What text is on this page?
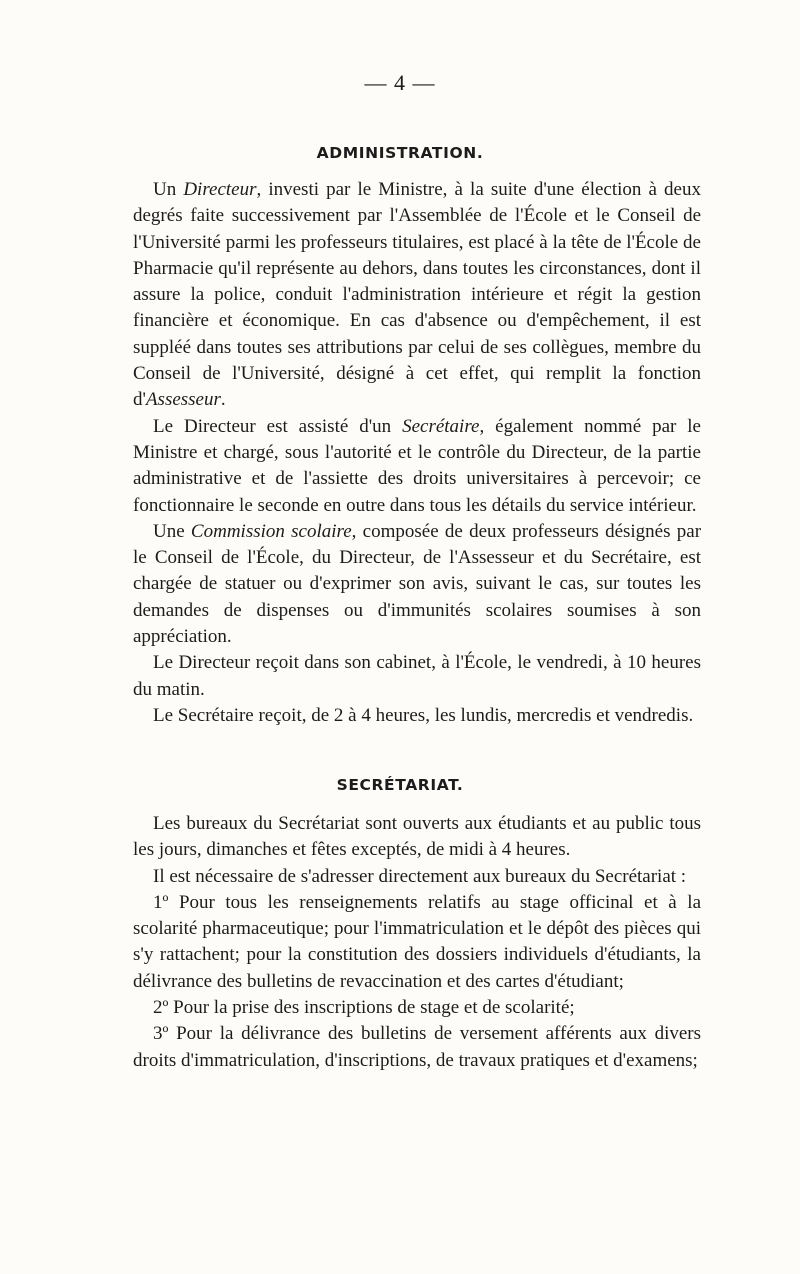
— 4 —
ADMINISTRATION.

Un Directeur, investi par le Ministre, à la suite d'une élection à deux degrés faite successivement par l'Assemblée de l'École et le Conseil de l'Université parmi les professeurs titulaires, est placé à la tête de l'École de Pharmacie qu'il représente au dehors, dans toutes les circonstances, dont il assure la police, conduit l'administration intérieure et régit la gestion financière et économique. En cas d'absence ou d'empêchement, il est suppléé dans toutes ses attributions par celui de ses collègues, membre du Conseil de l'Université, désigné à cet effet, qui remplit la fonction d'Assesseur.

Le Directeur est assisté d'un Secrétaire, également nommé par le Ministre et chargé, sous l'autorité et le contrôle du Directeur, de la partie administrative et de l'assiette des droits universitaires à percevoir; ce fonctionnaire le seconde en outre dans tous les détails du service intérieur.

Une Commission scolaire, composée de deux professeurs désignés par le Conseil de l'École, du Directeur, de l'Assesseur et du Secrétaire, est chargée de statuer ou d'exprimer son avis, suivant le cas, sur toutes les demandes de dispenses ou d'immunités scolaires soumises à son appréciation.

Le Directeur reçoit dans son cabinet, à l'École, le vendredi, à 10 heures du matin.

Le Secrétaire reçoit, de 2 à 4 heures, les lundis, mercredis et vendredis.

SECRÉTARIAT.

Les bureaux du Secrétariat sont ouverts aux étudiants et au public tous les jours, dimanches et fêtes exceptés, de midi à 4 heures.

Il est nécessaire de s'adresser directement aux bureaux du Secrétariat :

1º Pour tous les renseignements relatifs au stage officinal et à la scolarité pharmaceutique; pour l'immatriculation et le dépôt des pièces qui s'y rattachent; pour la constitution des dossiers individuels d'étudiants, la délivrance des bulletins de revaccination et des cartes d'étudiant;

2º Pour la prise des inscriptions de stage et de scolarité;

3º Pour la délivrance des bulletins de versement afférents aux divers droits d'immatriculation, d'inscriptions, de travaux pratiques et d'examens;
